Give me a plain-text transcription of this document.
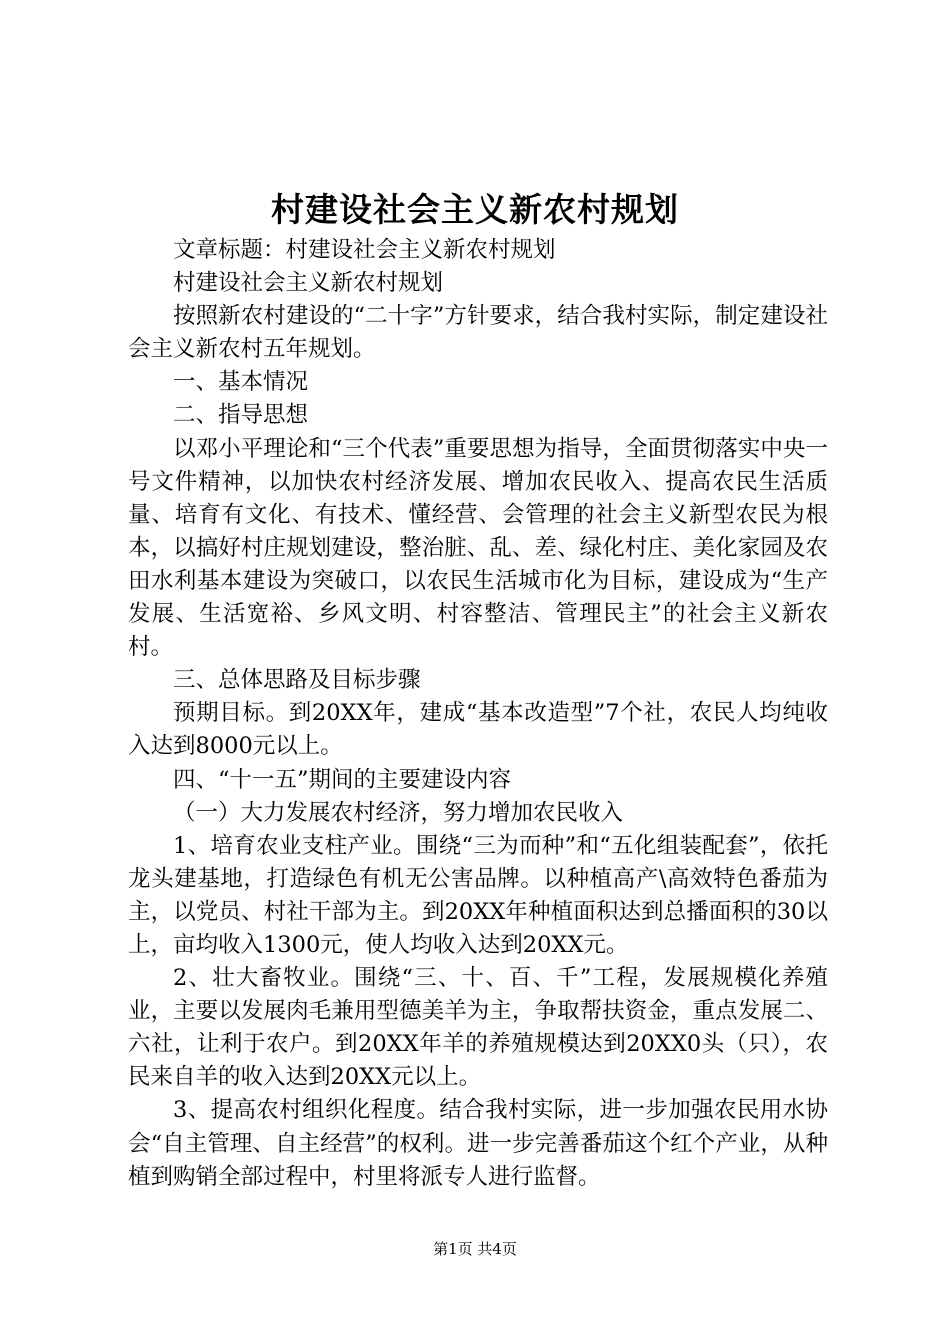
村建设社会主义新农村规划

文章标题：村建设社会主义新农村规划

村建设社会主义新农村规划

按照新农村建设的“二十字”方针要求，结合我村实际，制定建设社会主义新农村五年规划。

一、基本情况

二、指导思想

以邓小平理论和“三个代表”重要思想为指导，全面贯彻落实中央一号文件精神，以加快农村经济发展、增加农民收入、提高农民生活质量、培育有文化、有技术、懂经营、会管理的社会主义新型农民为根本，以搞好村庄规划建设，整治脏、乱、差、绿化村庄、美化家园及农田水利基本建设为突破口，以农民生活城市化为目标，建设成为“生产发展、生活宽裕、乡风文明、村容整洁、管理民主”的社会主义新农村。

三、总体思路及目标步骤

预期目标。到20XX年，建成“基本改造型”7个社，农民人均纯收入达到8000元以上。

四、“十一五”期间的主要建设内容

（一）大力发展农村经济，努力增加农民收入

1、培育农业支柱产业。围绕“三为而种”和“五化组装配套”，依托龙头建基地，打造绿色有机无公害品牌。以种植高产\高效特色番茄为主，以党员、村社干部为主。到20XX年种植面积达到总播面积的30以上，亩均收入1300元，使人均收入达到20XX元。

2、壮大畜牧业。围绕“三、十、百、千”工程，发展规模化养殖业，主要以发展肉毛兼用型德美羊为主，争取帮扶资金，重点发展二、六社，让利于农户。到20XX年羊的养殖规模达到20XX0头（只），农民来自羊的收入达到20XX元以上。

3、提高农村组织化程度。结合我村实际，进一步加强农民用水协会“自主管理、自主经营”的权利。进一步完善番茄这个红个产业，从种植到购销全部过程中，村里将派专人进行监督。

第1页 共4页
